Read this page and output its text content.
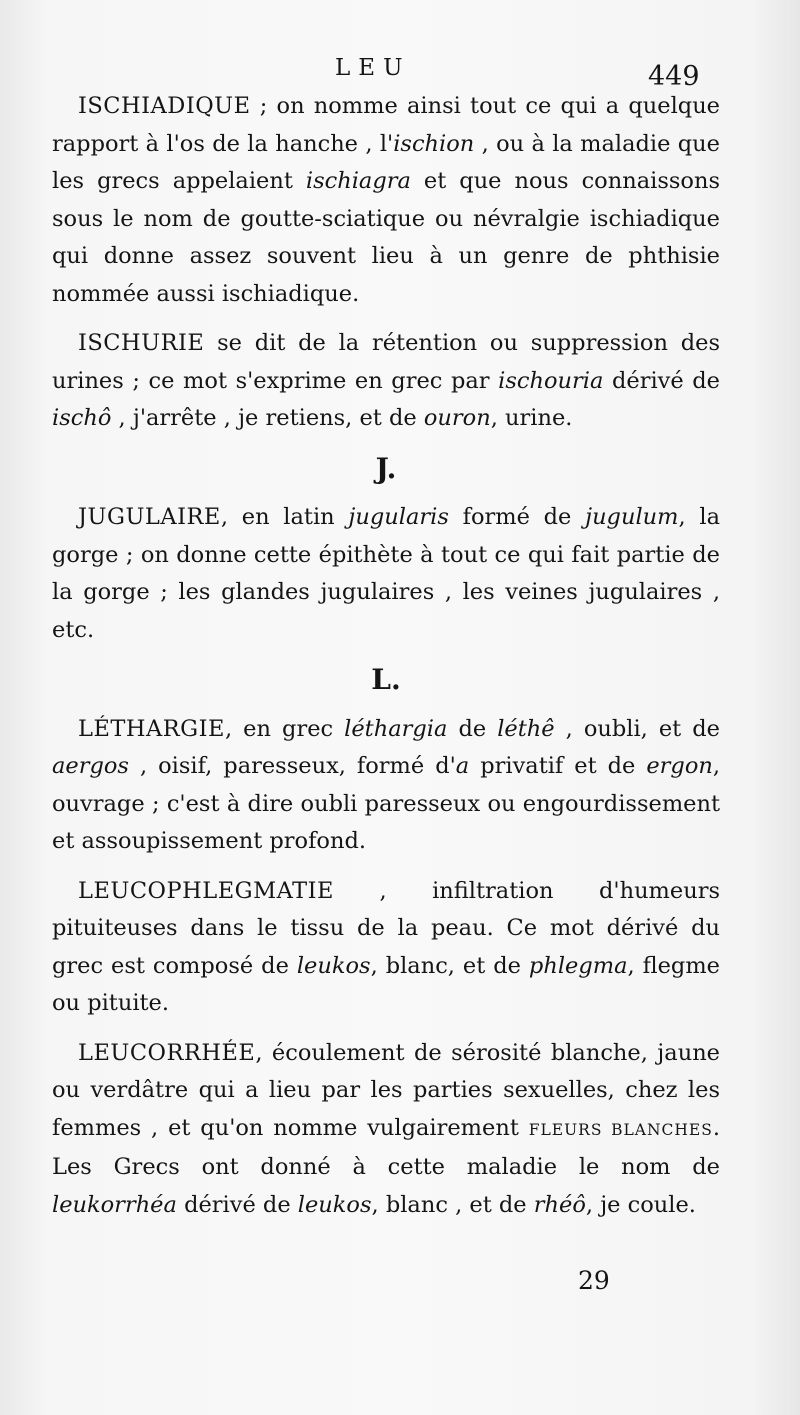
LEU	449

ISCHIADIQUE ; on nomme ainsi tout ce qui a quelque rapport à l'os de la hanche , l'ischion , ou à la maladie que les grecs appelaient ischiagra et que nous connaissons sous le nom de goutte-sciatique ou névralgie ischiadique qui donne assez souvent lieu à un genre de phthisie nommée aussi ischiadique.

ISCHURIE se dit de la rétention ou suppression des urines ; ce mot s'exprime en grec par ischouria dérivé de ischô , j'arrête , je retiens, et de ouron, urine.

J.

JUGULAIRE, en latin jugularis formé de jugulum, la gorge ; on donne cette épithète à tout ce qui fait partie de la gorge ; les glandes jugulaires , les veines jugulaires , etc.

L.

LÉTHARGIE, en grec léthargia de léthê , oubli, et de aergos , oisif, paresseux, formé d'a privatif et de ergon, ouvrage ; c'est à dire oubli paresseux ou engourdissement et assoupissement profond.

LEUCOPHLEGMATIE , infiltration d'humeurs pituiteuses dans le tissu de la peau. Ce mot dérivé du grec est composé de leukos, blanc, et de phlegma, flegme ou pituite.

LEUCORRHÉE, écoulement de sérosité blanche, jaune ou verdâtre qui a lieu par les parties sexuelles, chez les femmes , et qu'on nomme vulgairement FLEURS BLANCHES. Les Grecs ont donné à cette maladie le nom de leukorrhéa dérivé de leukos, blanc , et de rhéô, je coule.

29
